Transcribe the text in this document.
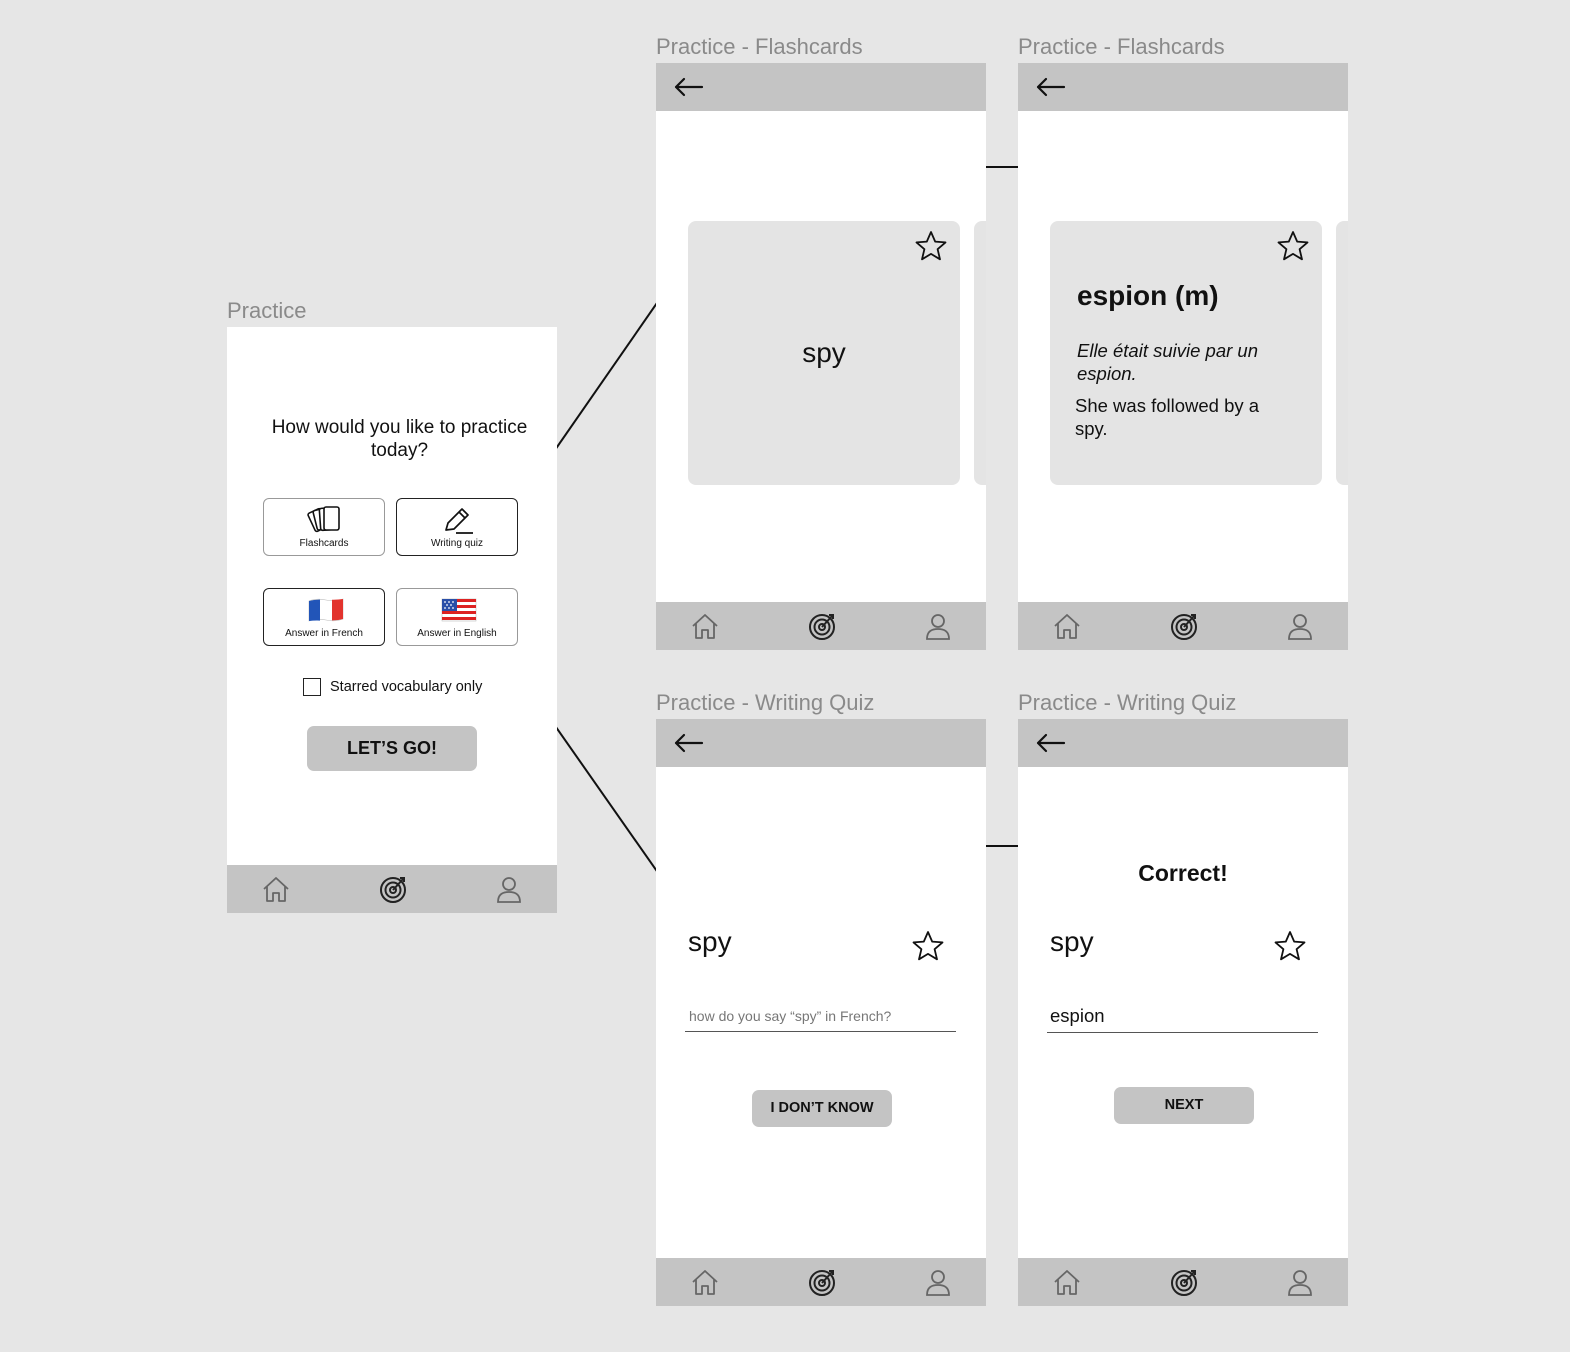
Practice
How would you like to practice today?
Flashcards	Writing quiz
Answer in French	Answer in English
Starred vocabulary only
LET’S GO!
Practice - Flashcards
spy
Practice - Flashcards
espion (m)
Elle était suivie par un espion.
She was followed by a spy.
Practice - Writing Quiz
spy
how do you say “spy” in French?
I DON’T KNOW
Practice - Writing Quiz
Correct!
spy
espion
NEXT
